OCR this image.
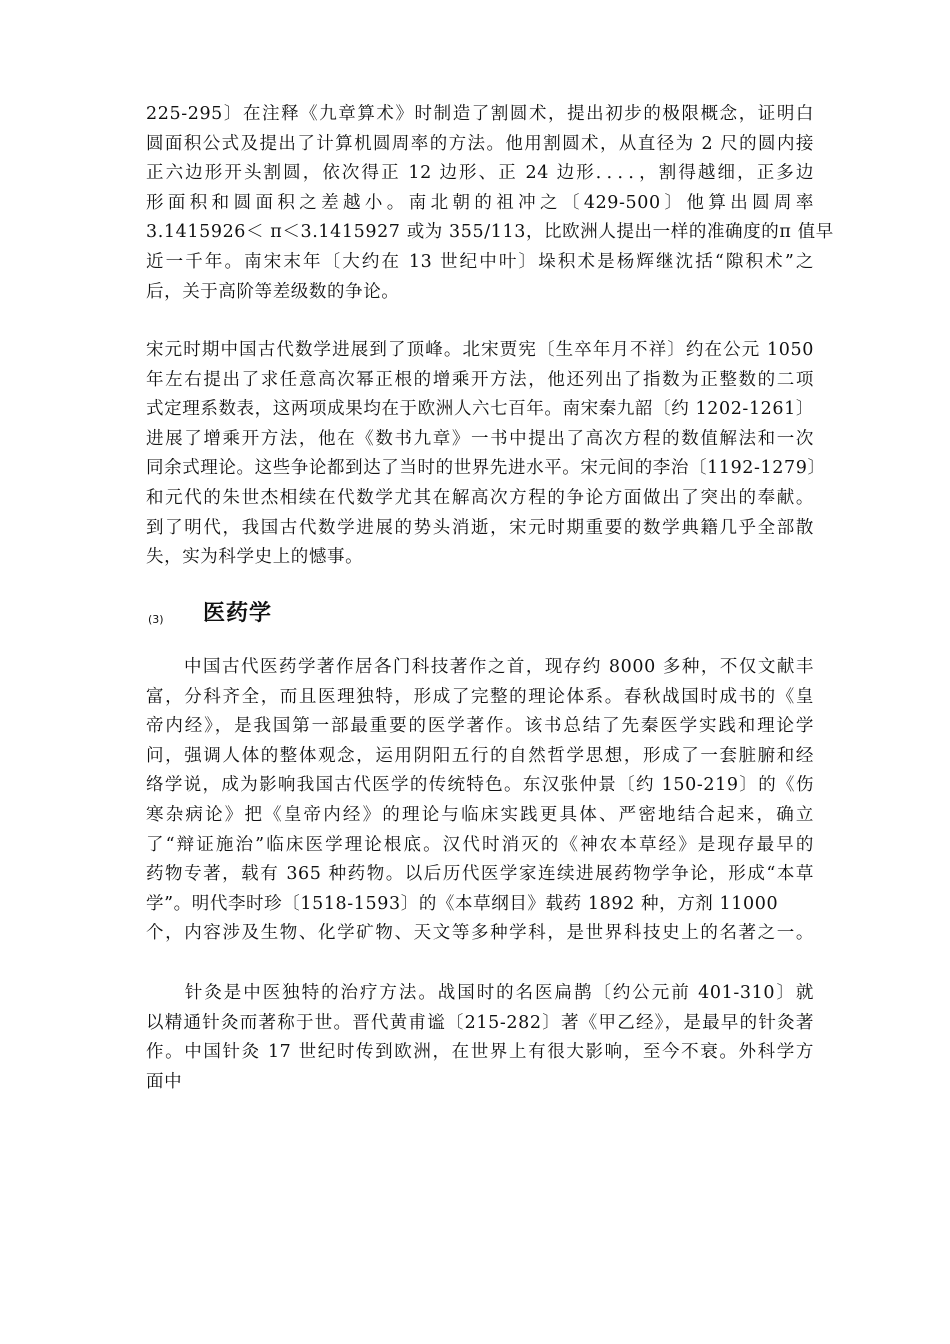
225-295〕在注释《九章算术》时制造了割圆术，提出初步的极限概念，证明白
圆面积公式及提出了计算机圆周率的方法。他用割圆术，从直径为 2 尺的圆内接
正六边形开头割圆，依次得正 12 边形、正 24 边形．．．．，割得越细，正多边
形面积和圆面积之差越小。南北朝的祖冲之〔429-500〕他算出圆周率
3.1415926＜ π＜3.1415927 或为 355/113，比欧洲人提出一样的准确度的π 值早
近一千年。南宋末年〔大约在 13 世纪中叶〕垛积术是杨辉继沈括“隙积术”之
后，关于高阶等差级数的争论。

宋元时期中国古代数学进展到了顶峰。北宋贾宪〔生卒年月不祥〕约在公元 1050
年左右提出了求任意高次幂正根的增乘开方法，他还列出了指数为正整数的二项
式定理系数表，这两项成果均在于欧洲人六七百年。南宋秦九韶〔约 1202-1261〕
进展了增乘开方法，他在《数书九章》一书中提出了高次方程的数值解法和一次
同余式理论。这些争论都到达了当时的世界先进水平。宋元间的李治〔1192-1279〕
和元代的朱世杰相续在代数学尤其在解高次方程的争论方面做出了突出的奉献。
到了明代，我国古代数学进展的势头消逝，宋元时期重要的数学典籍几乎全部散
失，实为科学史上的憾事。

(3) 医药学

　　中国古代医药学著作居各门科技著作之首，现存约 8000 多种，不仅文献丰
富，分科齐全，而且医理独特，形成了完整的理论体系。春秋战国时成书的《皇
帝内经》，是我国第一部最重要的医学著作。该书总结了先秦医学实践和理论学
问，强调人体的整体观念，运用阴阳五行的自然哲学思想，形成了一套脏腑和经
络学说，成为影响我国古代医学的传统特色。东汉张仲景〔约 150-219〕的《伤
寒杂病论》把《皇帝内经》的理论与临床实践更具体、严密地结合起来，确立
了“辩证施治”临床医学理论根底。汉代时消灭的《神农本草经》是现存最早的
药物专著，载有 365 种药物。以后历代医学家连续进展药物学争论，形成“本草
学”。明代李时珍〔1518-1593〕的《本草纲目》载药 1892 种，方剂 11000
个，内容涉及生物、化学矿物、天文等多种学科，是世界科技史上的名著之一。

　　针灸是中医独特的治疗方法。战国时的名医扁鹊〔约公元前 401-310〕就
以精通针灸而著称于世。晋代黄甫谧〔215-282〕著《甲乙经》，是最早的针灸著
作。中国针灸 17 世纪时传到欧洲，在世界上有很大影响，至今不衰。外科学方
面中
